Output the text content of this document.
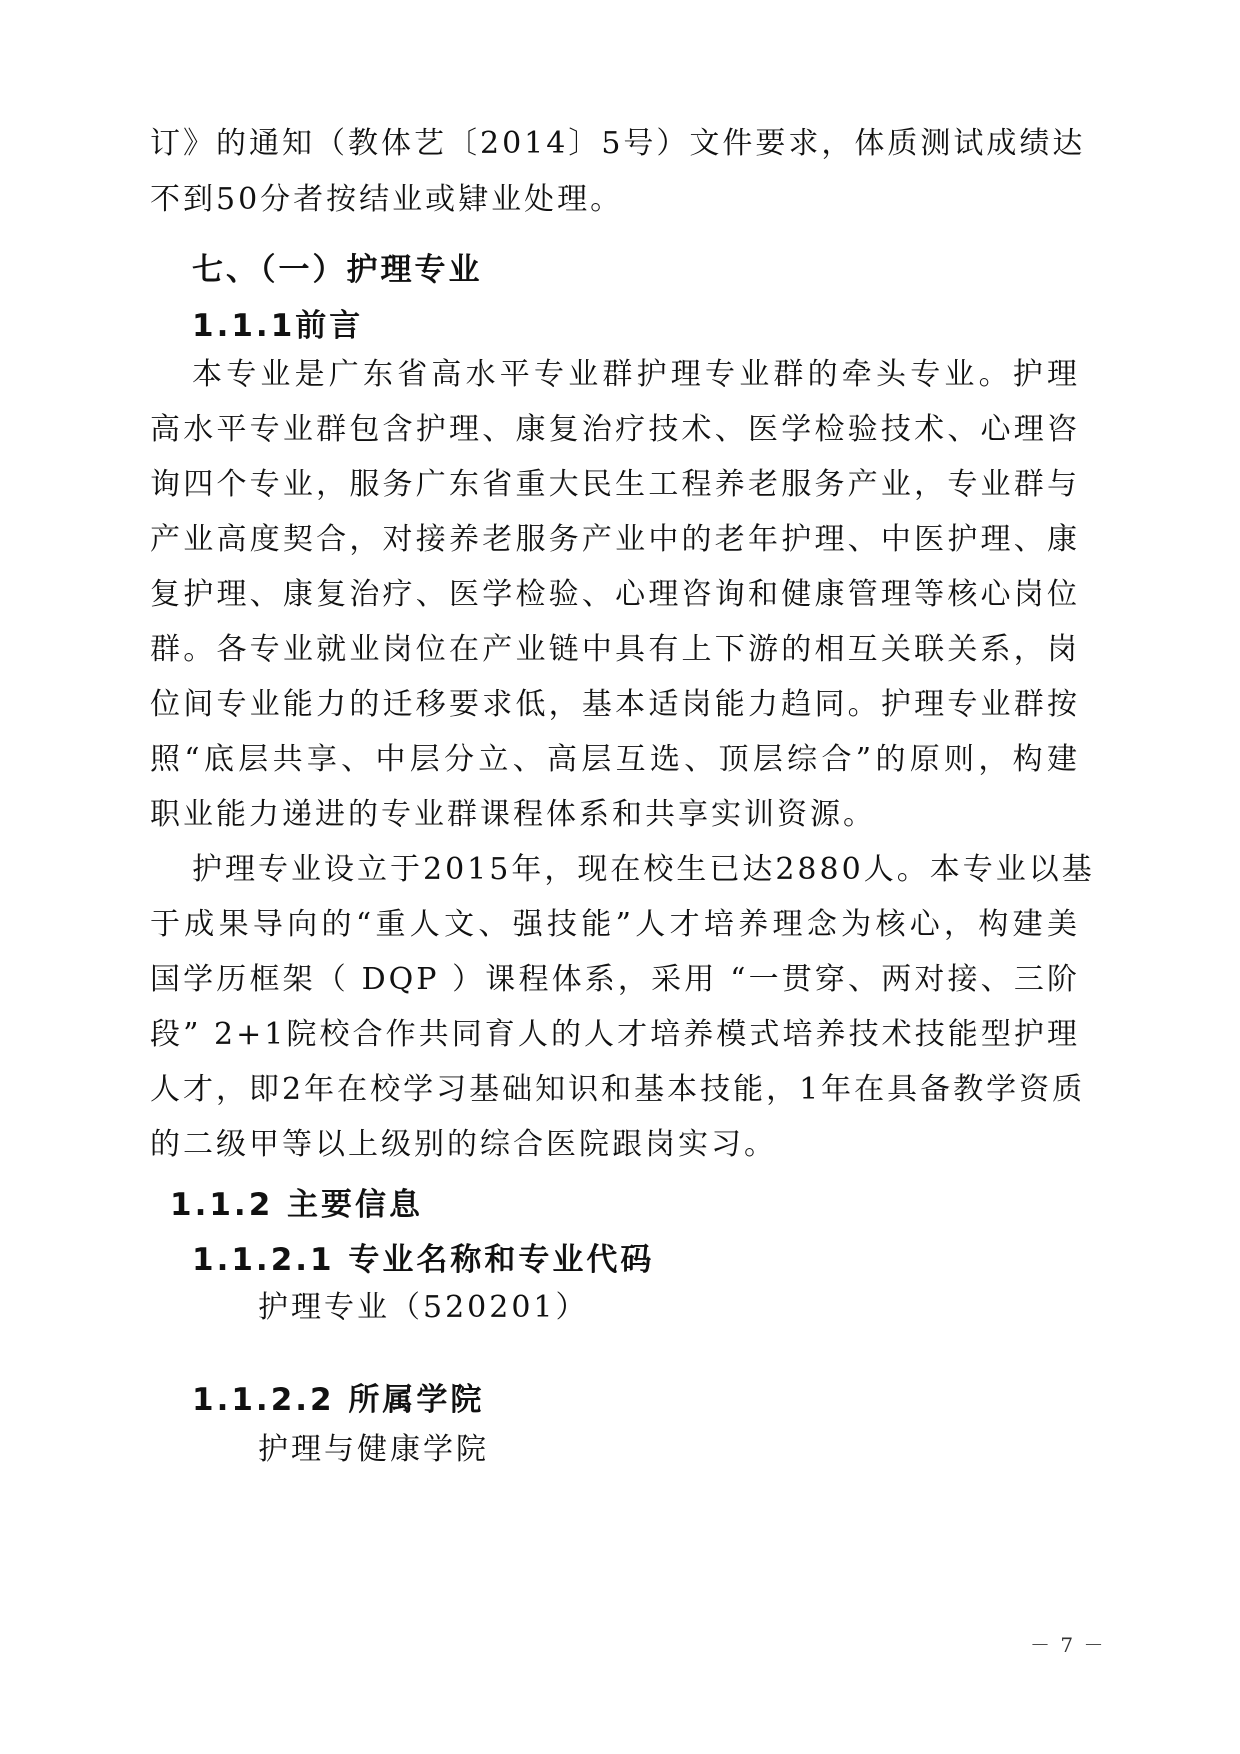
订》的通知（教体艺〔2014〕5号）文件要求，体质测试成绩达
不到50分者按结业或肄业处理。
七、（一）护理专业
1.1.1前言
本专业是广东省高水平专业群护理专业群的牵头专业。护理
高水平专业群包含护理、康复治疗技术、医学检验技术、心理咨
询四个专业，服务广东省重大民生工程养老服务产业，专业群与
产业高度契合，对接养老服务产业中的老年护理、中医护理、康
复护理、康复治疗、医学检验、心理咨询和健康管理等核心岗位
群。各专业就业岗位在产业链中具有上下游的相互关联关系，岗
位间专业能力的迁移要求低，基本适岗能力趋同。护理专业群按
照“底层共享、中层分立、高层互选、顶层综合”的原则，构建
职业能力递进的专业群课程体系和共享实训资源。
护理专业设立于2015年，现在校生已达2880人。本专业以基
于成果导向的“重人文、强技能”人才培养理念为核心，构建美
国学历框架（ DQP ）课程体系，采用 “一贯穿、两对接、三阶
段” 2+1院校合作共同育人的人才培养模式培养技术技能型护理
人才，即2年在校学习基础知识和基本技能，1年在具备教学资质
的二级甲等以上级别的综合医院跟岗实习。
1.1.2 主要信息
1.1.2.1 专业名称和专业代码
护理专业（520201）
1.1.2.2 所属学院
护理与健康学院
－ 7 －
